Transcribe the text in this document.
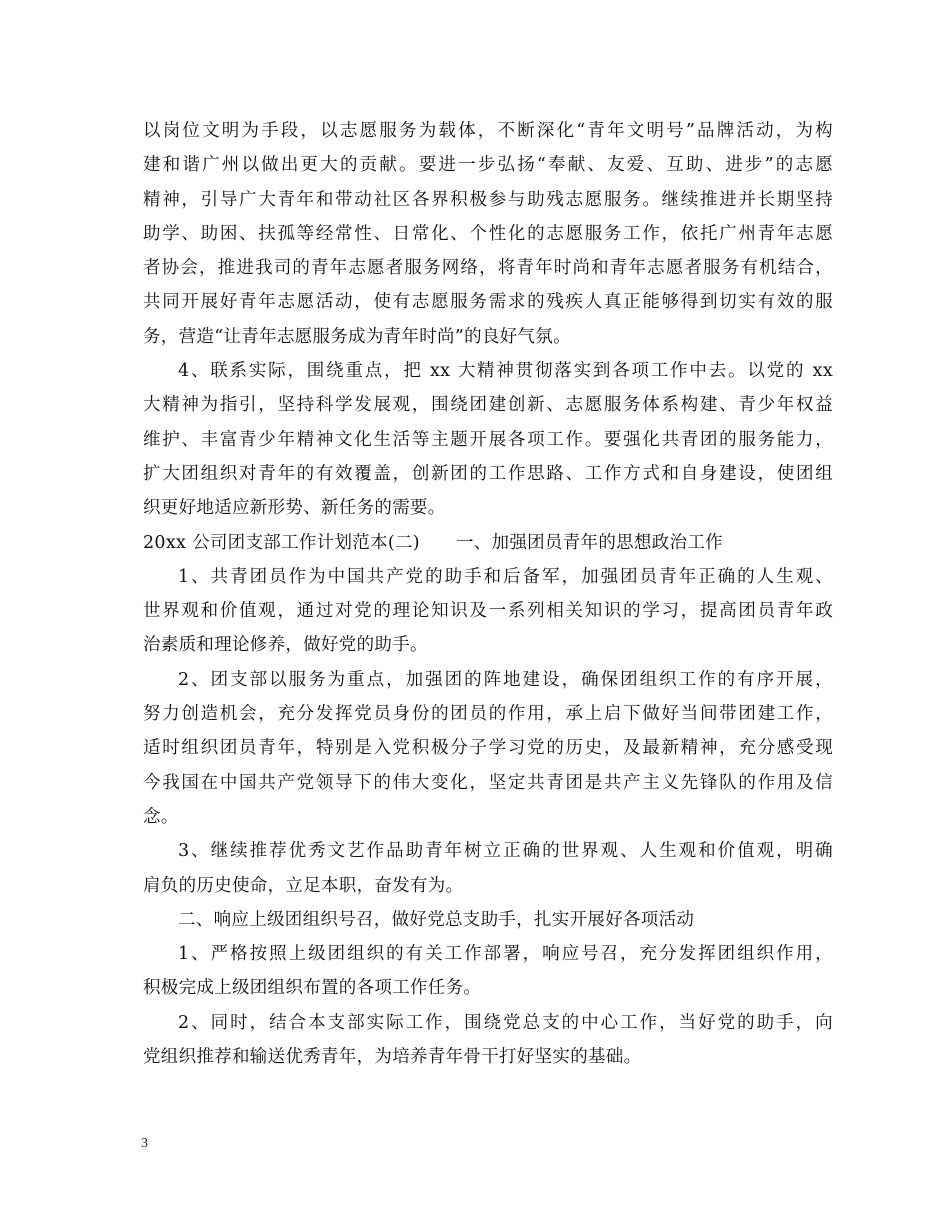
以岗位文明为手段，以志愿服务为载体，不断深化“青年文明号”品牌活动，为构
建和谐广州以做出更大的贡献。要进一步弘扬“奉献、友爱、互助、进步”的志愿
精神，引导广大青年和带动社区各界积极参与助残志愿服务。继续推进并长期坚持
助学、助困、扶孤等经常性、日常化、个性化的志愿服务工作，依托广州青年志愿
者协会，推进我司的青年志愿者服务网络，将青年时尚和青年志愿者服务有机结合，
共同开展好青年志愿活动，使有志愿服务需求的残疾人真正能够得到切实有效的服
务，营造“让青年志愿服务成为青年时尚”的良好气氛。
4、联系实际，围绕重点，把 xx 大精神贯彻落实到各项工作中去。以党的 xx
大精神为指引，坚持科学发展观，围绕团建创新、志愿服务体系构建、青少年权益
维护、丰富青少年精神文化生活等主题开展各项工作。要强化共青团的服务能力，
扩大团组织对青年的有效覆盖，创新团的工作思路、工作方式和自身建设，使团组
织更好地适应新形势、新任务的需要。
20xx 公司团支部工作计划范本(二) 一、加强团员青年的思想政治工作
1、共青团员作为中国共产党的助手和后备军，加强团员青年正确的人生观、
世界观和价值观，通过对党的理论知识及一系列相关知识的学习，提高团员青年政
治素质和理论修养，做好党的助手。
2、团支部以服务为重点，加强团的阵地建设，确保团组织工作的有序开展，
努力创造机会，充分发挥党员身份的团员的作用，承上启下做好当间带团建工作，
适时组织团员青年，特别是入党积极分子学习党的历史，及最新精神，充分感受现
今我国在中国共产党领导下的伟大变化，坚定共青团是共产主义先锋队的作用及信
念。
3、继续推荐优秀文艺作品助青年树立正确的世界观、人生观和价值观，明确
肩负的历史使命，立足本职，奋发有为。
二、响应上级团组织号召，做好党总支助手，扎实开展好各项活动
1、严格按照上级团组织的有关工作部署，响应号召，充分发挥团组织作用，
积极完成上级团组织布置的各项工作任务。
2、同时，结合本支部实际工作，围绕党总支的中心工作，当好党的助手，向
党组织推荐和输送优秀青年，为培养青年骨干打好坚实的基础。
3
